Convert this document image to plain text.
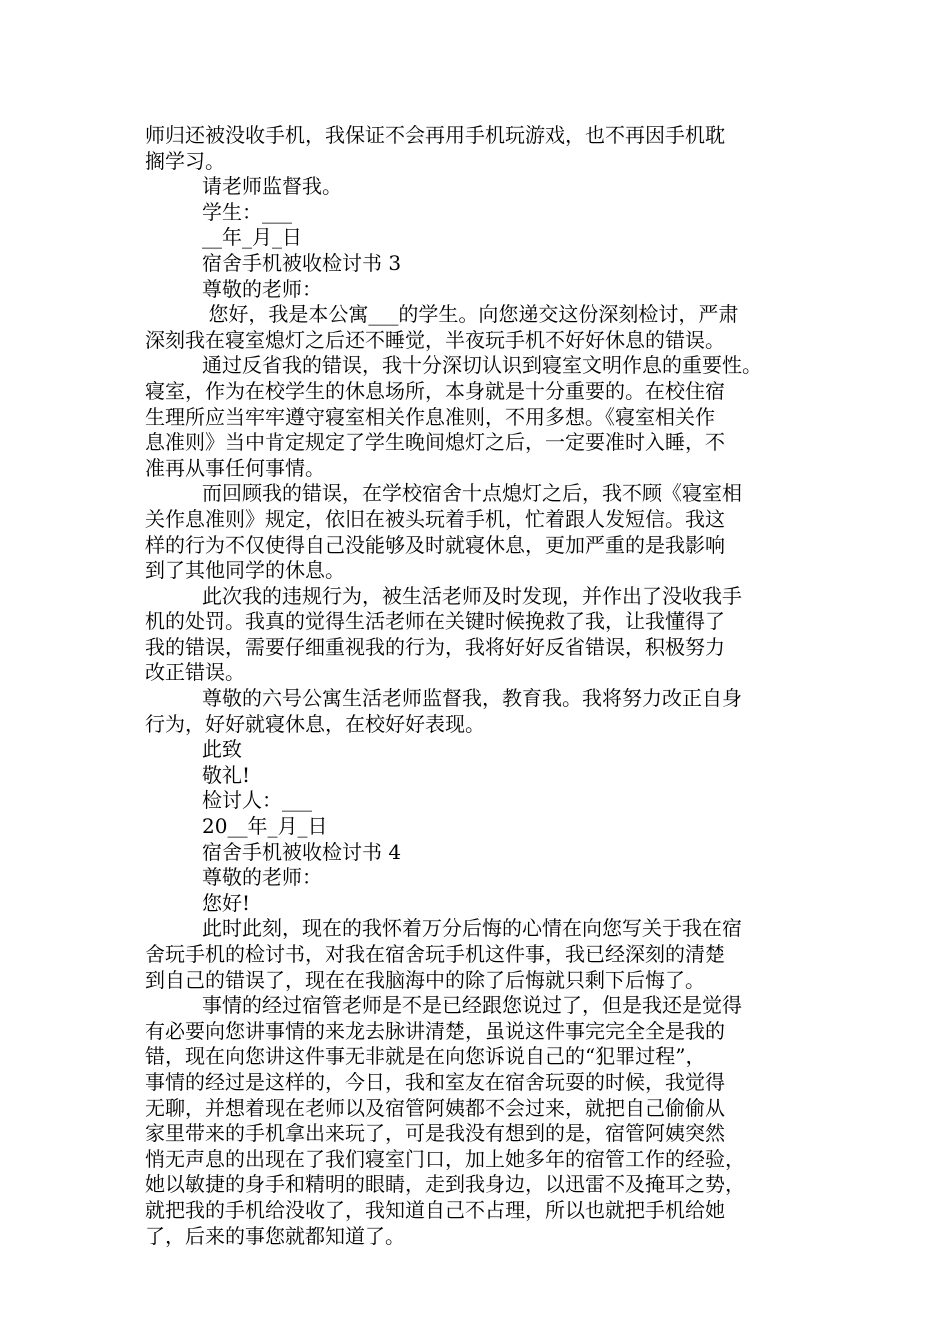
师归还被没收手机，我保证不会再用手机玩游戏，也不再因手机耽
搁学习。
请老师监督我。
学生：___
__年_月_日
宿舍手机被收检讨书 3
尊敬的老师：
您好，我是本公寓___的学生。向您递交这份深刻检讨，严肃
深刻我在寝室熄灯之后还不睡觉，半夜玩手机不好好休息的错误。
通过反省我的错误，我十分深切认识到寝室文明作息的重要性。
寝室，作为在校学生的休息场所，本身就是十分重要的。在校住宿
生理所应当牢牢遵守寝室相关作息准则，不用多想。《寝室相关作
息准则》当中肯定规定了学生晚间熄灯之后，一定要准时入睡，不
准再从事任何事情。
而回顾我的错误，在学校宿舍十点熄灯之后，我不顾《寝室相
关作息准则》规定，依旧在被头玩着手机，忙着跟人发短信。我这
样的行为不仅使得自己没能够及时就寝休息，更加严重的是我影响
到了其他同学的休息。
此次我的违规行为，被生活老师及时发现，并作出了没收我手
机的处罚。我真的觉得生活老师在关键时候挽救了我，让我懂得了
我的错误，需要仔细重视我的行为，我将好好反省错误，积极努力
改正错误。
尊敬的六号公寓生活老师监督我，教育我。我将努力改正自身
行为，好好就寝休息，在校好好表现。
此致
敬礼!
检讨人：___
20__年_月_日
宿舍手机被收检讨书 4
尊敬的老师：
您好!
此时此刻，现在的我怀着万分后悔的心情在向您写关于我在宿
舍玩手机的检讨书，对我在宿舍玩手机这件事，我已经深刻的清楚
到自己的错误了，现在在我脑海中的除了后悔就只剩下后悔了。
事情的经过宿管老师是不是已经跟您说过了，但是我还是觉得
有必要向您讲事情的来龙去脉讲清楚，虽说这件事完完全全是我的
错，现在向您讲这件事无非就是在向您诉说自己的“犯罪过程”，
事情的经过是这样的，今日，我和室友在宿舍玩耍的时候，我觉得
无聊，并想着现在老师以及宿管阿姨都不会过来，就把自己偷偷从
家里带来的手机拿出来玩了，可是我没有想到的是，宿管阿姨突然
悄无声息的出现在了我们寝室门口，加上她多年的宿管工作的经验，
她以敏捷的身手和精明的眼睛，走到我身边，以迅雷不及掩耳之势，
就把我的手机给没收了，我知道自己不占理，所以也就把手机给她
了，后来的事您就都知道了。
